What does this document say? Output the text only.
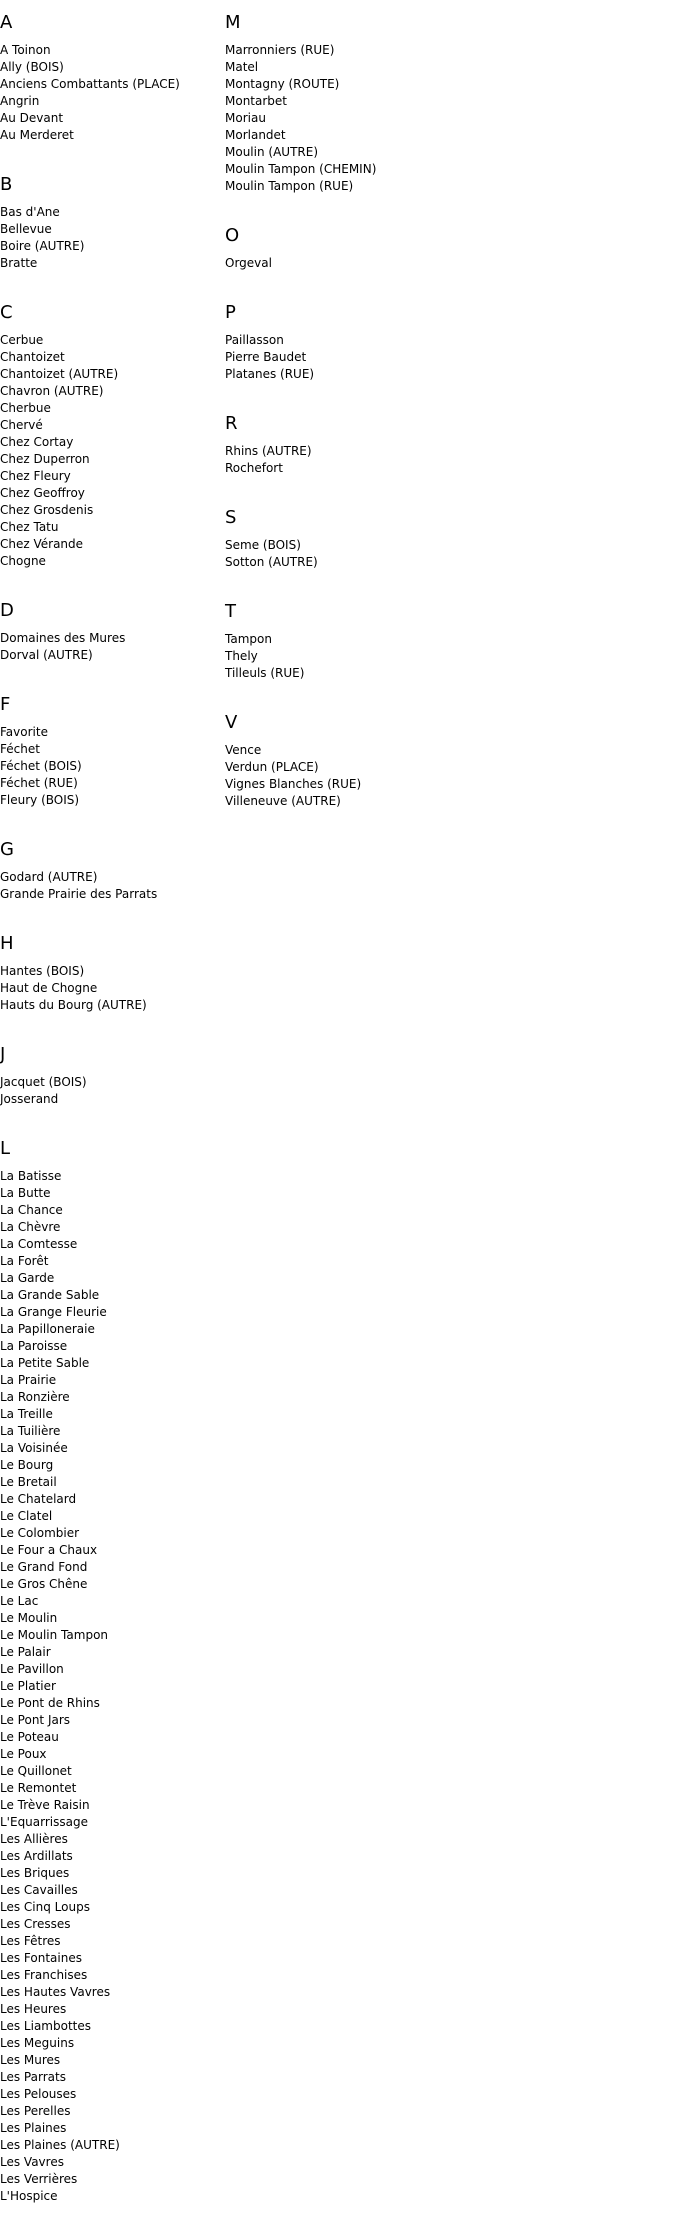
A
A Toinon
Ally (BOIS)
Anciens Combattants (PLACE)
Angrin
Au Devant
Au Merderet
B
Bas d'Ane
Bellevue
Boire (AUTRE)
Bratte
C
Cerbue
Chantoizet
Chantoizet (AUTRE)
Chavron (AUTRE)
Cherbue
Chervé
Chez Cortay
Chez Duperron
Chez Fleury
Chez Geoffroy
Chez Grosdenis
Chez Tatu
Chez Vérande
Chogne
D
Domaines des Mures
Dorval (AUTRE)
F
Favorite
Féchet
Féchet (BOIS)
Féchet (RUE)
Fleury (BOIS)
G
Godard (AUTRE)
Grande Prairie des Parrats
H
Hantes (BOIS)
Haut de Chogne
Hauts du Bourg (AUTRE)
J
Jacquet (BOIS)
Josserand
L
La Batisse
La Butte
La Chance
La Chèvre
La Comtesse
La Forêt
La Garde
La Grande Sable
La Grange Fleurie
La Papilloneraie
La Paroisse
La Petite Sable
La Prairie
La Ronzière
La Treille
La Tuilière
La Voisinée
Le Bourg
Le Bretail
Le Chatelard
Le Clatel
Le Colombier
Le Four a Chaux
Le Grand Fond
Le Gros Chêne
Le Lac
Le Moulin
Le Moulin Tampon
Le Palair
Le Pavillon
Le Platier
Le Pont de Rhins
Le Pont Jars
Le Poteau
Le Poux
Le Quillonet
Le Remontet
Le Trève Raisin
L'Equarrissage
Les Allières
Les Ardillats
Les Briques
Les Cavailles
Les Cinq Loups
Les Cresses
Les Fêtres
Les Fontaines
Les Franchises
Les Hautes Vavres
Les Heures
Les Liambottes
Les Meguins
Les Mures
Les Parrats
Les Pelouses
Les Perelles
Les Plaines
Les Plaines (AUTRE)
Les Vavres
Les Verrières
L'Hospice
M
Marronniers (RUE)
Matel
Montagny (ROUTE)
Montarbet
Moriau
Morlandet
Moulin (AUTRE)
Moulin Tampon (CHEMIN)
Moulin Tampon (RUE)
O
Orgeval
P
Paillasson
Pierre Baudet
Platanes (RUE)
R
Rhins (AUTRE)
Rochefort
S
Seme (BOIS)
Sotton (AUTRE)
T
Tampon
Thely
Tilleuls (RUE)
V
Vence
Verdun (PLACE)
Vignes Blanches (RUE)
Villeneuve (AUTRE)
